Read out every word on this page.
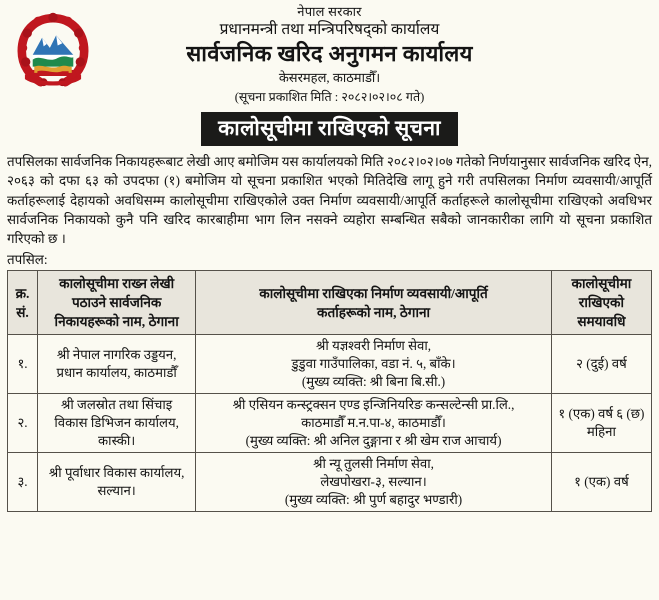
नेपाल सरकार
प्रधानमन्त्री तथा मन्त्रिपरिषद्को कार्यालय
सार्वजनिक खरिद अनुगमन कार्यालय
केसरमहल, काठमाडौँ।
(सूचना प्रकाशित मिति : २०८२।०२।०८ गते)
कालोसूचीमा राखिएको सूचना

तपसिलका सार्वजनिक निकायहरूबाट लेखी आए बमोजिम यस कार्यालयको मिति २०८२।०२।०७ गतेको निर्णयानुसार सार्वजनिक खरिद ऐन, २०६३ को दफा ६३ को उपदफा (१) बमोजिम यो सूचना प्रकाशित भएको मितिदेखि लागू हुने गरी तपसिलका निर्माण व्यवसायी/आपूर्ति कर्ताहरूलाई देहायको अवधिसम्म कालोसूचीमा राखिएकोले उक्त निर्माण व्यवसायी/आपूर्ति कर्ताहरूले कालोसूचीमा राखिएको अवधिभर सार्वजनिक निकायको कुनै पनि खरिद कारबाहीमा भाग लिन नसक्ने व्यहोरा सम्बन्धित सबैको जानकारीका लागि यो सूचना प्रकाशित गरिएको छ ।

तपसिल:
क्र.
सं.	कालोसूचीमा राख्न लेखी
पठाउने सार्वजनिक
निकायहरूको नाम, ठेगाना	कालोसूचीमा राखिएका निर्माण व्यवसायी/आपूर्ति
कर्ताहरूको नाम, ठेगाना	कालोसूचीमा
राखिएको
समयावधि

१.	श्री नेपाल नागरिक उड्डयन,
प्रधान कार्यालय, काठमाडौँ	श्री यज्ञश्वरी निर्माण सेवा,
डुडुवा गाउँपालिका, वडा नं. ५, बाँके।
(मुख्य व्यक्ति: श्री बिना बि.सी.)	२ (दुई) वर्ष
२.	श्री जलस्रोत तथा सिंचाइ
विकास डिभिजन कार्यालय,
कास्की।	श्री एसियन कन्स्ट्रक्सन एण्ड इन्जिनियरिङ कन्सल्टेन्सी प्रा.लि.,
काठमाडौँ म.न.पा-४, काठमाडौँ।
(मुख्य व्यक्ति: श्री अनिल दुङ्गाना र श्री खेम राज आचार्य)	१ (एक) वर्ष ६ (छ) महिना
३.	श्री पूर्वाधार विकास कार्यालय,
सल्यान।	श्री न्यू तुलसी निर्माण सेवा,
लेखपोखरा-३, सल्यान।
(मुख्य व्यक्ति: श्री पुर्ण बहादुर भण्डारी)	१ (एक) वर्ष
